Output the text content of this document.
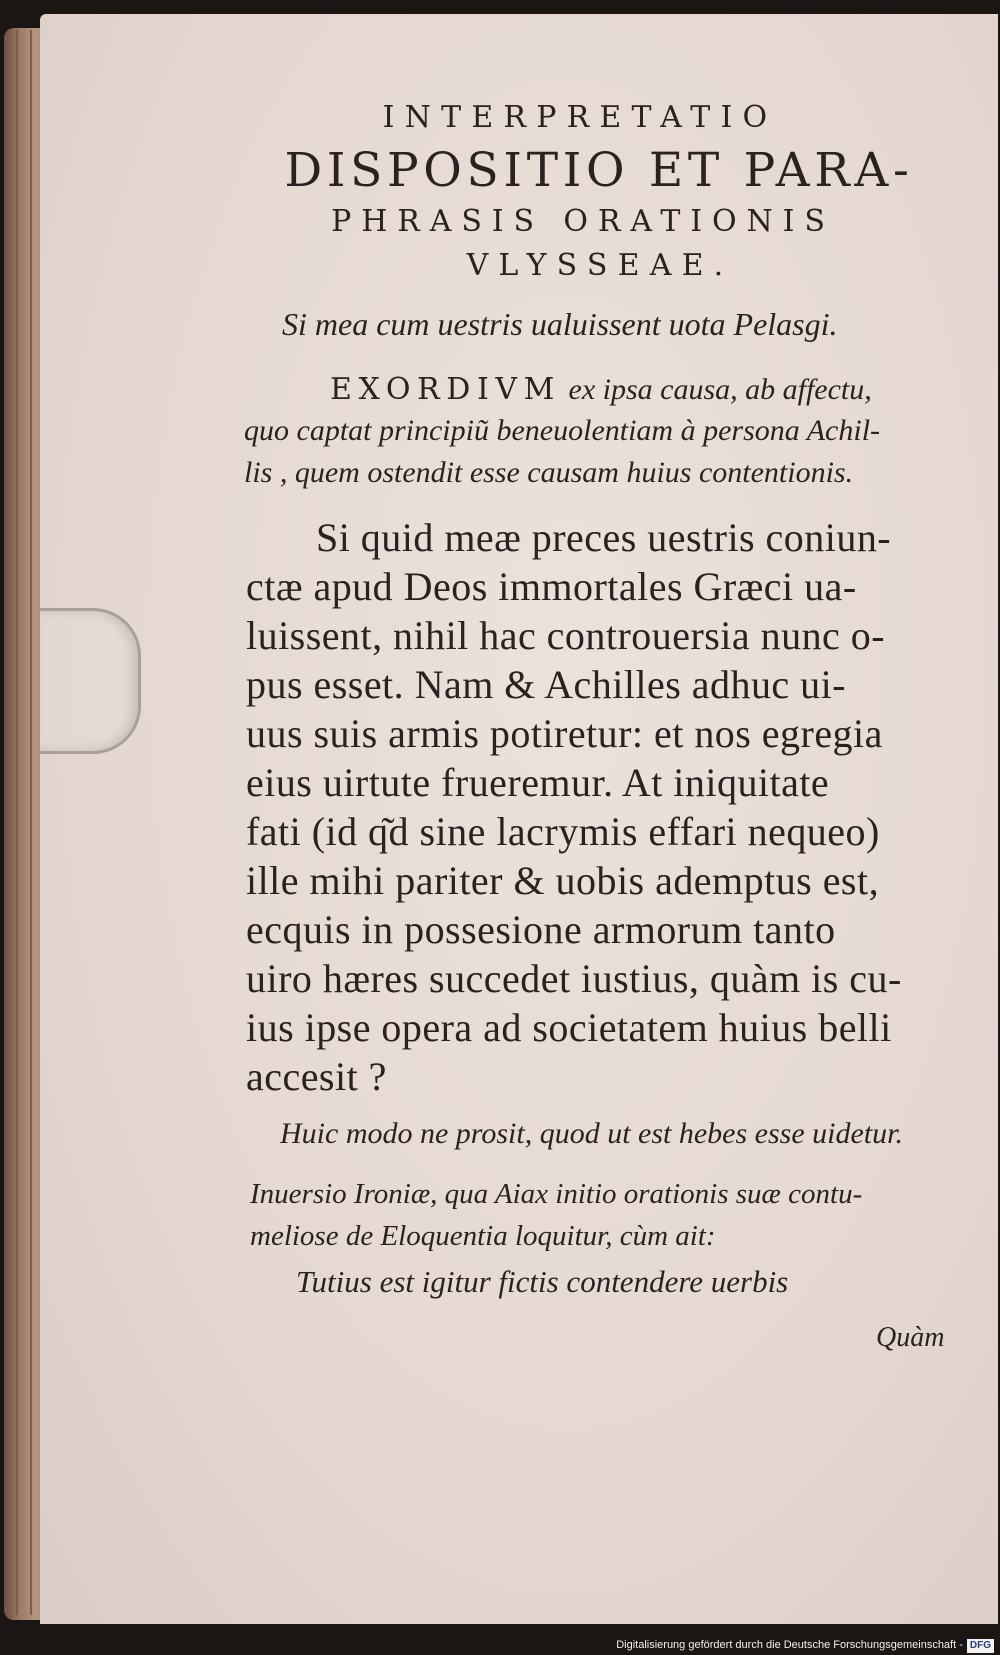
INTERPRETATIO
DISPOSITIO ET PARA-
PHRASIS ORATIONIS
VLYSSEAE.
Si mea cum uestris ualuissent uota Pelasgi.
EXORDIVM ex ipsa causa, ab affectu,
quo captat principiũ beneuolentiam à persona Achil-
lis , quem ostendit esse causam huius contentionis.
Si quid meæ preces uestris coniun-
ctæ apud Deos immortales Græci ua-
luissent, nihil hac controuersia nunc o-
pus esset. Nam & Achilles adhuc ui-
uus suis armis potiretur: et nos egregia
eius uirtute frueremur. At iniquitate
fati (id q͂d sine lacrymis effari nequeo)
ille mihi pariter & uobis ademptus est,
ecquis in possesione armorum tanto
uiro hæres succedet iustius, quàm is cu-
ius ipse opera ad societatem huius belli
accesit ?
Huic modo ne prosit, quod ut est hebes esse uidetur.
Inuersio Ironiæ, qua Aiax initio orationis suæ contu-
meliose de Eloquentia loquitur, cùm ait:
Tutius est igitur fictis contendere uerbis
Quàm
Digitalisierung gefördert durch die Deutsche Forschungsgemeinschaft - DFG
